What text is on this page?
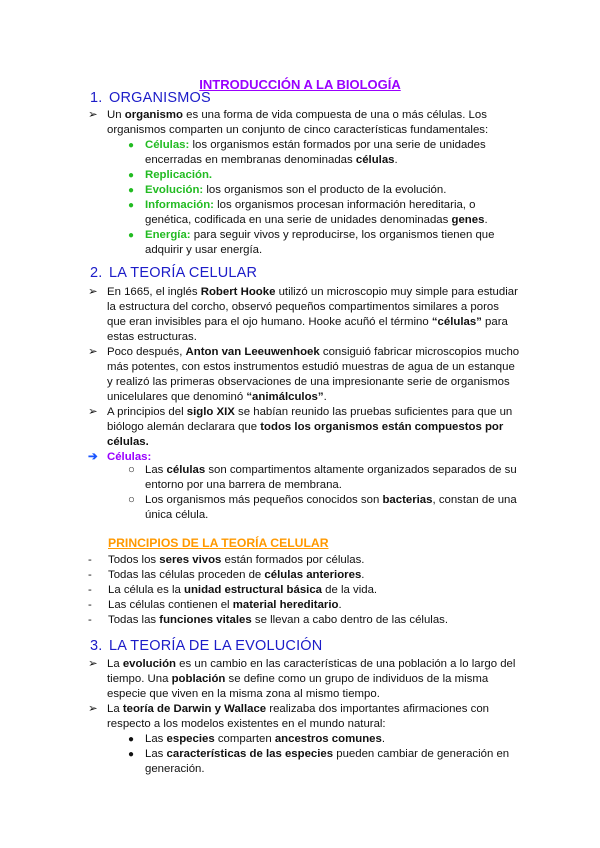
INTRODUCCIÓN A LA BIOLOGÍA
1. ORGANISMOS
➢ Un organismo es una forma de vida compuesta de una o más células. Los organismos comparten un conjunto de cinco características fundamentales:
● Células: los organismos están formados por una serie de unidades encerradas en membranas denominadas células.
● Replicación.
● Evolución: los organismos son el producto de la evolución.
● Información: los organismos procesan información hereditaria, o genética, codificada en una serie de unidades denominadas genes.
● Energía: para seguir vivos y reproducirse, los organismos tienen que adquirir y usar energía.
2. LA TEORÍA CELULAR
➢ En 1665, el inglés Robert Hooke utilizó un microscopio muy simple para estudiar la estructura del corcho, observó pequeños compartimentos similares a poros que eran invisibles para el ojo humano. Hooke acuñó el término “células” para estas estructuras.
➢ Poco después, Anton van Leeuwenhoek consiguió fabricar microscopios mucho más potentes, con estos instrumentos estudió muestras de agua de un estanque y realizó las primeras observaciones de una impresionante serie de organismos unicelulares que denominó “animálculos”.
➢ A principios del siglo XIX se habían reunido las pruebas suficientes para que un biólogo alemán declarara que todos los organismos están compuestos por células.
➔ Células:
○ Las células son compartimentos altamente organizados separados de su entorno por una barrera de membrana.
○ Los organismos más pequeños conocidos son bacterias, constan de una única célula.
PRINCIPIOS DE LA TEORÍA CELULAR
- Todos los seres vivos están formados por células.
- Todas las células proceden de células anteriores.
- La célula es la unidad estructural básica de la vida.
- Las células contienen el material hereditario.
- Todas las funciones vitales se llevan a cabo dentro de las células.
3. LA TEORÍA DE LA EVOLUCIÓN
➢ La evolución es un cambio en las características de una población a lo largo del tiempo. Una población se define como un grupo de individuos de la misma especie que viven en la misma zona al mismo tiempo.
➢ La teoría de Darwin y Wallace realizaba dos importantes afirmaciones con respecto a los modelos existentes en el mundo natural:
● Las especies comparten ancestros comunes.
● Las características de las especies pueden cambiar de generación en generación.
